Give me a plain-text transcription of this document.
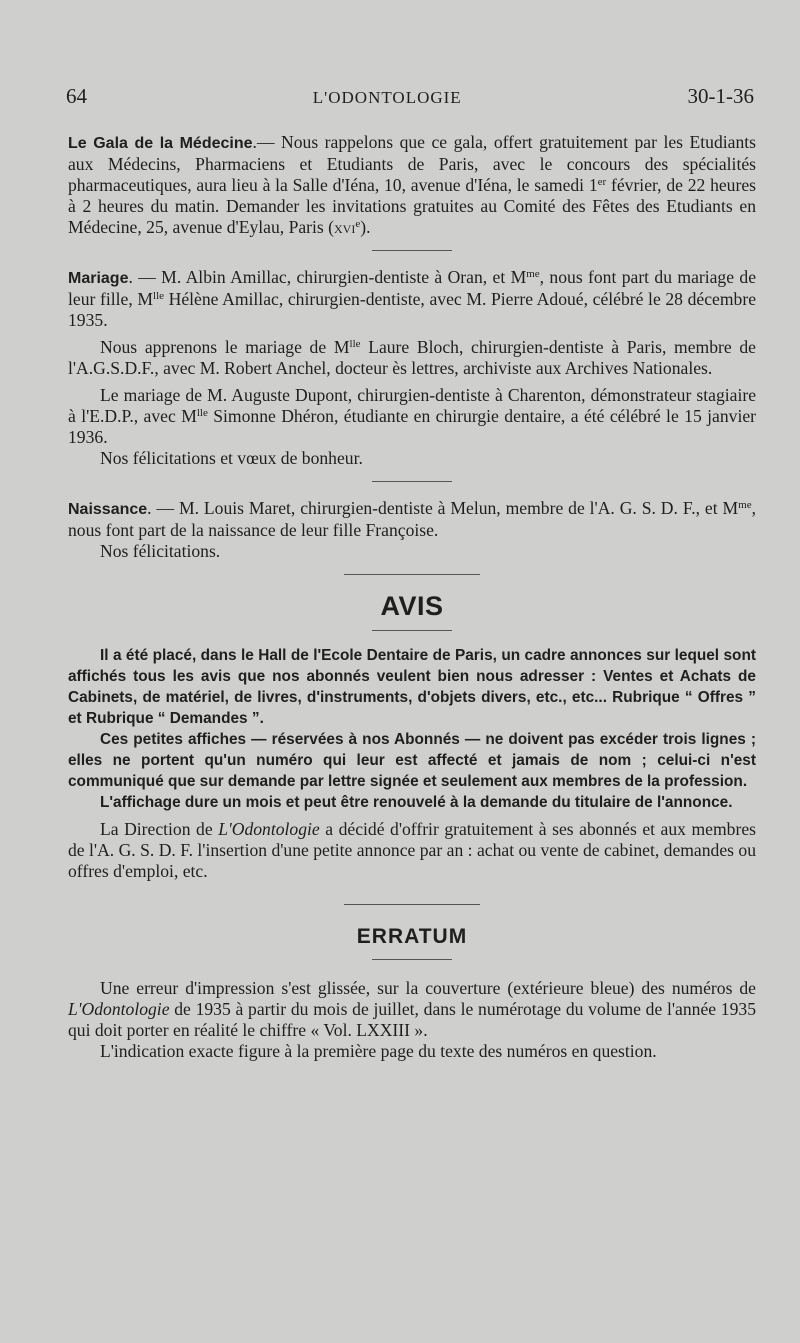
64	L'ODONTOLOGIE	30-1-36

Le Gala de la Médecine.— Nous rappelons que ce gala, offert gratuitement par les Etudiants aux Médecins, Pharmaciens et Etudiants de Paris, avec le concours des spécialités pharmaceutiques, aura lieu à la Salle d'Iéna, 10, avenue d'Iéna, le samedi 1er février, de 22 heures à 2 heures du matin. Demander les invitations gratuites au Comité des Fêtes des Etudiants en Médecine, 25, avenue d'Eylau, Paris (xvi$^e$).

Mariage. — M. Albin Amillac, chirurgien-dentiste à Oran, et $M^{me}$, nous font part du mariage de leur fille, $M^{lle}$ Hélène Amillac, chirurgien-dentiste, avec M. Pierre Adoué, célébré le 28 décembre 1935.

Nous apprenons le mariage de $M^{lle}$ Laure Bloch, chirurgien-dentiste à Paris, membre de l'A.G.S.D.F., avec M. Robert Anchel, docteur ès lettres, archiviste aux Archives Nationales.

Le mariage de M. Auguste Dupont, chirurgien-dentiste à Charenton, démonstrateur stagiaire à l'E.D.P., avec $M^{lle}$ Simonne Dhéron, étudiante en chirurgie dentaire, a été célébré le 15 janvier 1936.

Nos félicitations et vœux de bonheur.

Naissance. — M. Louis Maret, chirurgien-dentiste à Melun, membre de l'A. G. S. D. F., et $M^{me}$, nous font part de la naissance de leur fille Françoise.

Nos félicitations.

AVIS

Il a été placé, dans le Hall de l'Ecole Dentaire de Paris, un cadre annonces sur lequel sont affichés tous les avis que nos abonnés veulent bien nous adresser : Ventes et Achats de Cabinets, de matériel, de livres, d'instruments, d'objets divers, etc., etc... Rubrique “ Offres ” et Rubrique “ Demandes ”.

Ces petites affiches — réservées à nos Abonnés — ne doivent pas excéder trois lignes ; elles ne portent qu'un numéro qui leur est affecté et jamais de nom ; celui-ci n'est communiqué que sur demande par lettre signée et seulement aux membres de la profession.

L'affichage dure un mois et peut être renouvelé à la demande du titulaire de l'annonce.

La Direction de L'Odontologie a décidé d'offrir gratuitement à ses abonnés et aux membres de l'A. G. S. D. F. l'insertion d'une petite annonce par an : achat ou vente de cabinet, demandes ou offres d'emploi, etc.

ERRATUM

Une erreur d'impression s'est glissée, sur la couverture (extérieure bleue) des numéros de L'Odontologie de 1935 à partir du mois de juillet, dans le numérotage du volume de l'année 1935 qui doit porter en réalité le chiffre « Vol. LXXIII ».

L'indication exacte figure à la première page du texte des numéros en question.
